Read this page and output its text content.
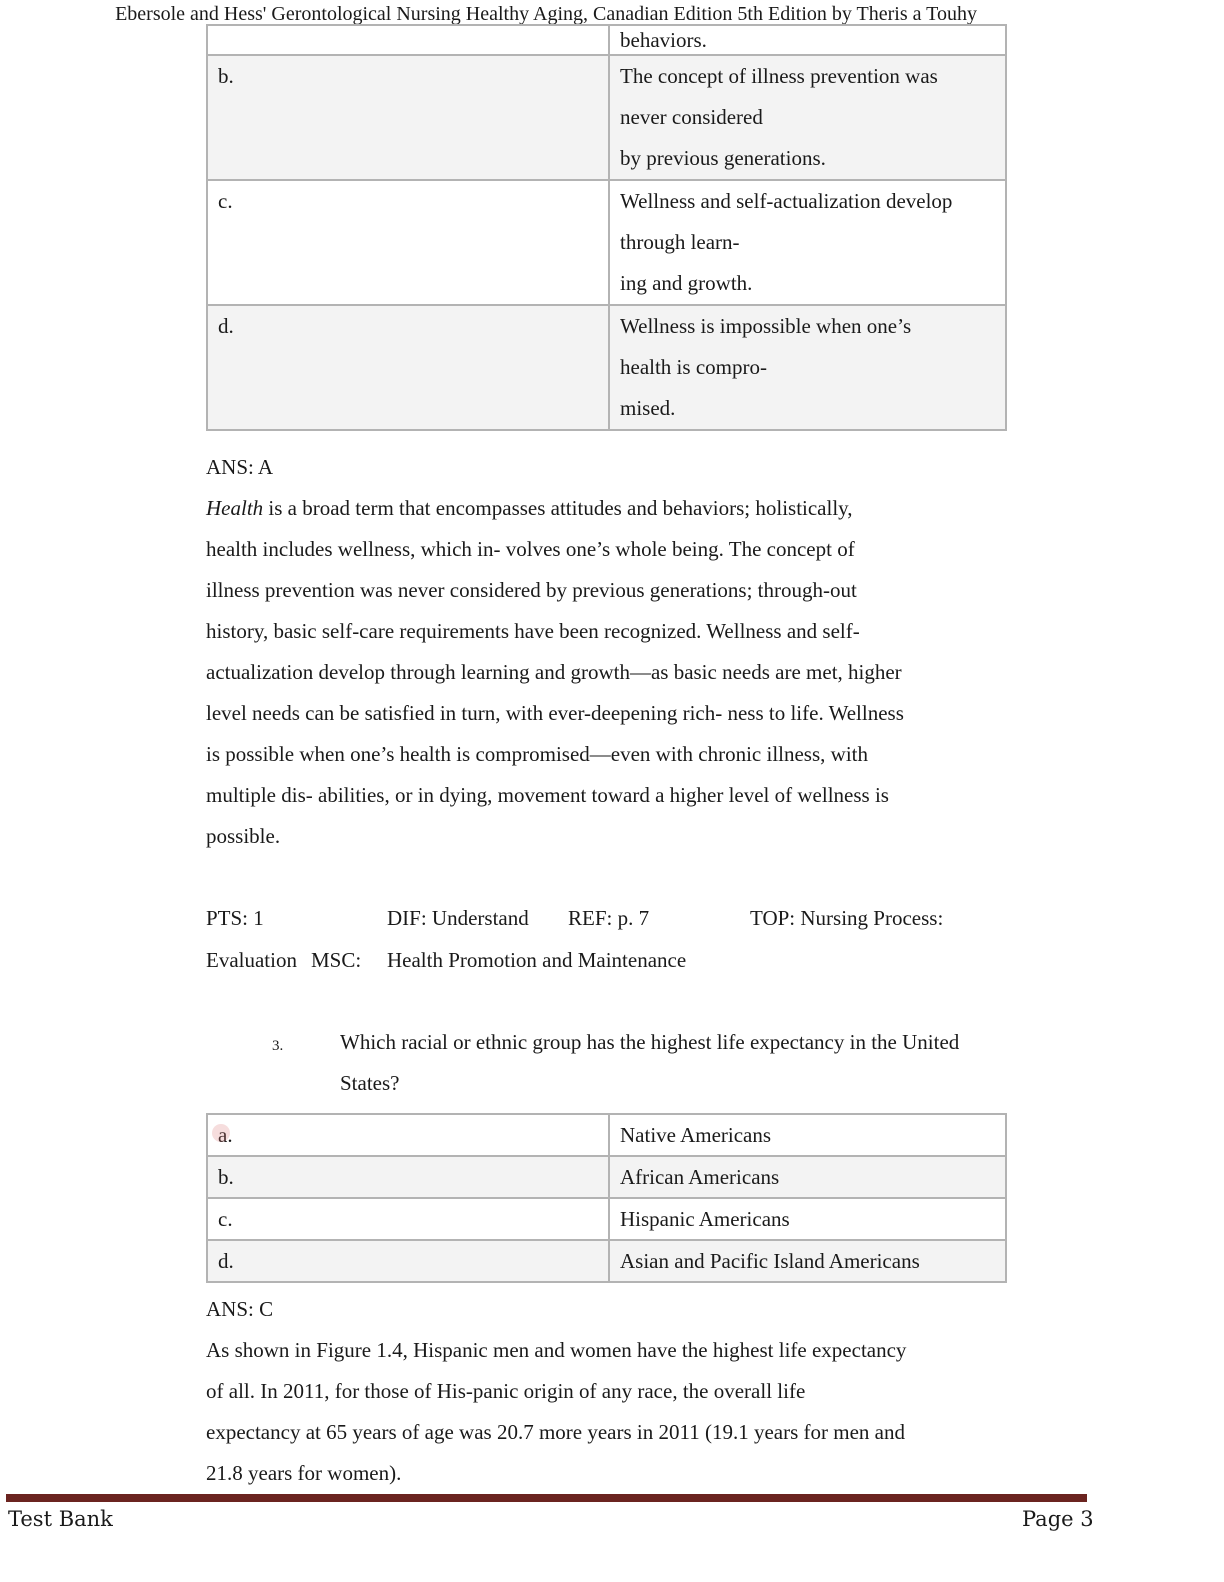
Ebersole and Hess' Gerontological Nursing Healthy Aging, Canadian Edition 5th Edition by Theris a Touhy
	behaviors.
b.	The concept of illness prevention was
never considered
by previous generations.

c.	Wellness and self-actualization develop
through learn-
ing and growth.

d.	Wellness is impossible when one’s
health is compro-
mised.
ANS: A

Health is a broad term that encompasses attitudes and behaviors; holistically,

health includes wellness, which in- volves one’s whole being. The concept of

illness prevention was never considered by previous generations; through-out

history, basic self-care requirements have been recognized. Wellness and self-

actualization develop through learning and growth—as basic needs are met, higher

level needs can be satisfied in turn, with ever-deepening rich- ness to life. Wellness

is possible when one’s health is compromised—even with chronic illness, with

multiple dis- abilities, or in dying, movement toward a higher level of wellness is

possible.

PTS: 1	DIF: Understand REF: p. 7	TOP: Nursing Process:
Evaluation MSC: Health Promotion and Maintenance
3.	Which racial or ethnic group has the highest life expectancy in the United
States?
a.	Native Americans
b.	African Americans
c.	Hispanic Americans
d.	Asian and Pacific Island Americans
ANS: C

As shown in Figure 1.4, Hispanic men and women have the highest life expectancy

of all. In 2011, for those of His-panic origin of any race, the overall life

expectancy at 65 years of age was 20.7 more years in 2011 (19.1 years for men and

21.8 years for women).

Test Bank	Page 3
